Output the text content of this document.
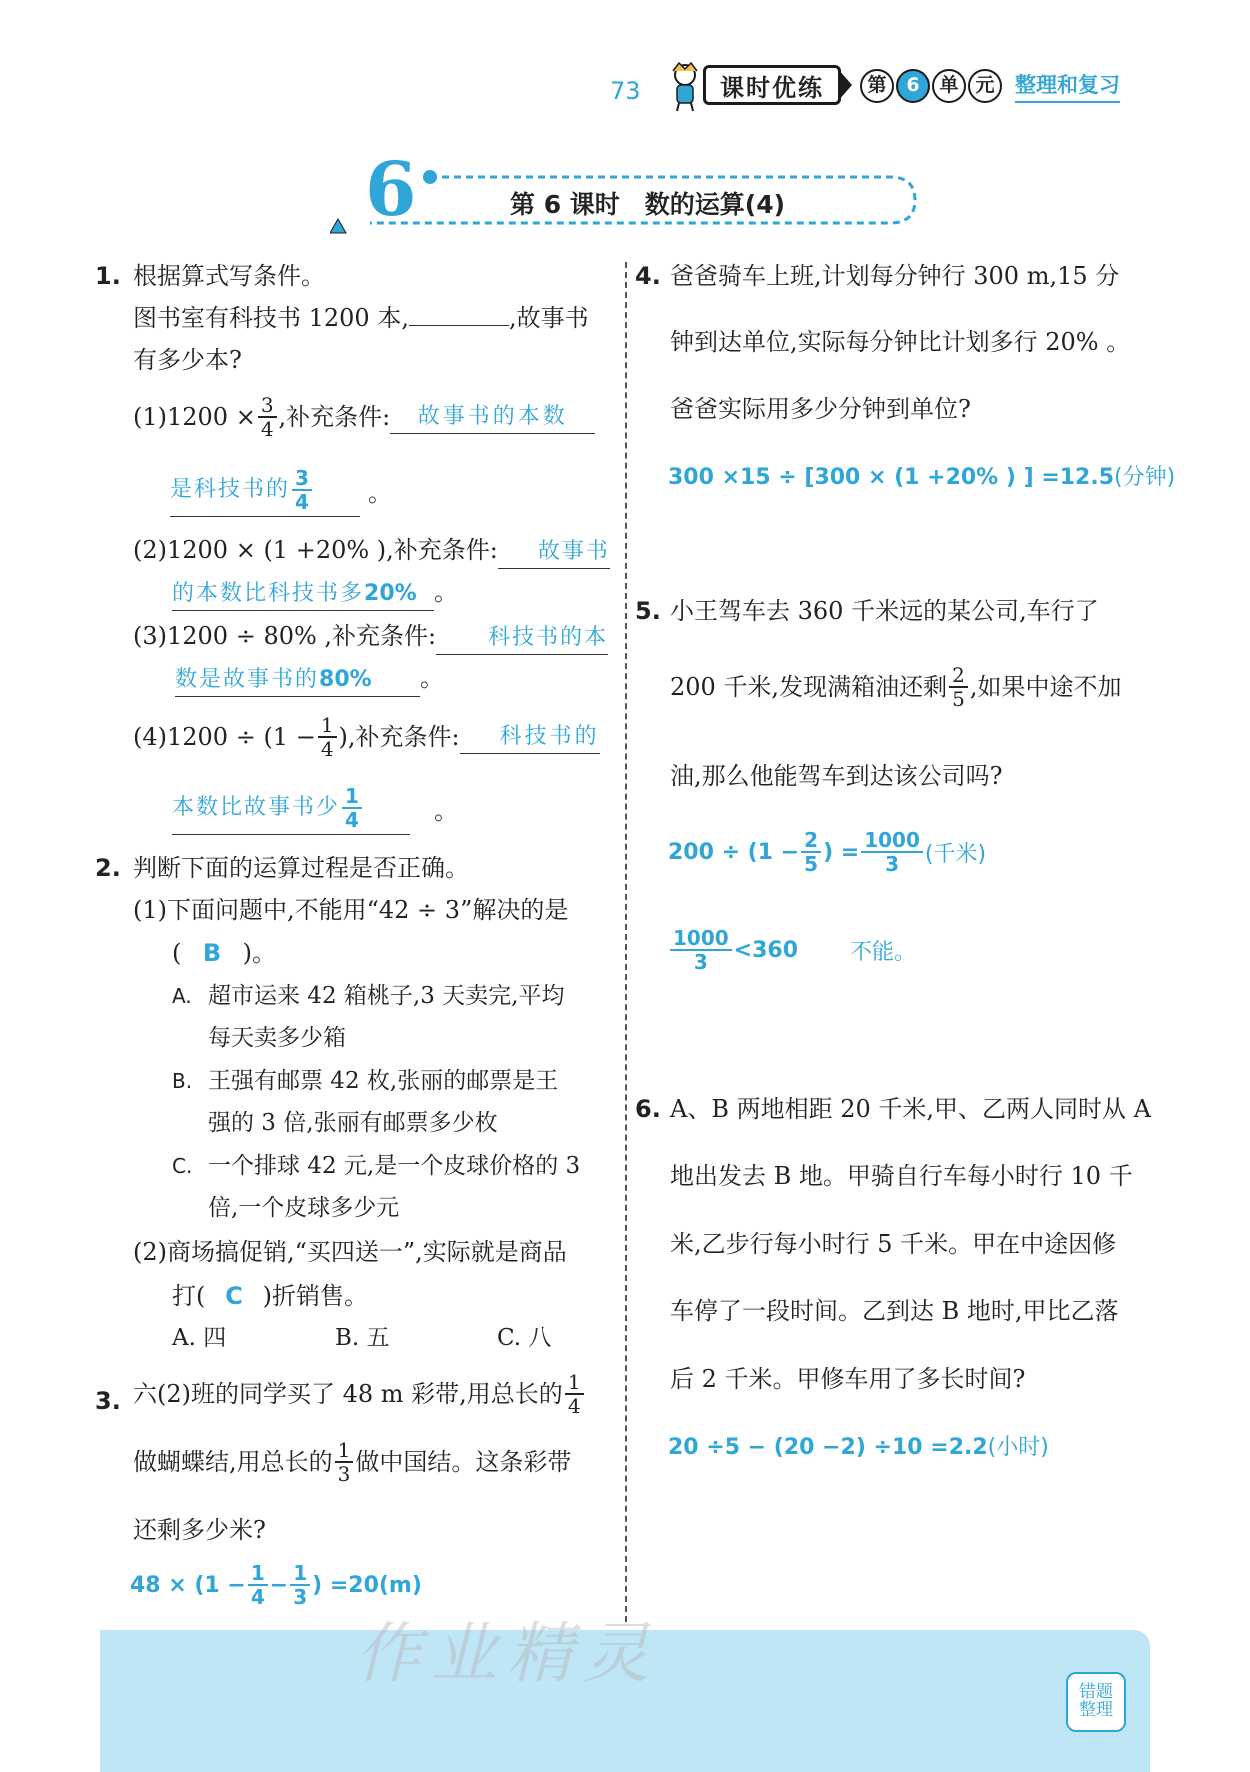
73	课时优练	第	6	单 元 整理和复习
6	第 6 课时　数的运算(4)
1. 根据算式写条件。
图书室有科技书 1200 本,	,故事书
有多少本?
$(1)1200 \times \frac{3}{4}$ ,补充条件:	故事书的本数
是科技书的 $\frac{3}{4}$ 。
(2)1200 × (1 +20% ),补充条件: 故事书
的本数比科技书多20% 。
(3)1200 ÷ 80% ,补充条件: 科技书的本
数是故事书的80% 。
$(4)1200 \div (1 - \frac{1}{4}$ ),补充条件:	科技书的
本数比故事书少 $\frac{1}{4}$	。
2. 判断下面的运算过程是否正确。
(1)下面问题中,不能用“42 ÷ 3”解决的是
( B )。
A. 超市运来 42 箱桃子,3 天卖完,平均
每天卖多少箱
B. 王强有邮票 42 枚,张丽的邮票是王
强的 3 倍,张丽有邮票多少枚
C. 一个排球 42 元,是一个皮球价格的 3
倍,一个皮球多少元
(2)商场搞促销,“买四送一”,实际就是商品
打( C )折销售。
A. 四	B. 五	C. 八
3. 六(2)班的同学买了 48 m 彩带,用总长的 $\frac{1}{4}$
做蝴蝶结,用总长的 $\frac{1}{3}$ 做中国结。这条彩带
还剩多少米?
$48 \times (1 - \frac{1}{4} - \frac{1}{3}$ ) =20(m)
4. 爸爸骑车上班,计划每分钟行 300 m,15 分
钟到达单位,实际每分钟比计划多行 20% 。
爸爸实际用多少分钟到单位?
300 ×15 ÷ [300 × (1 +20% ) ] =12.5(分钟)
5. 小王驾车去 360 千米远的某公司,车行了
200 千米,发现满箱油还剩 $\frac{2}{5}$ ,如果中途不加
油,那么他能驾车到达该公司吗?
$200 \div (1 - \frac{2}{5}$ ) = $\frac{1000}{3}$ (千米)
$\frac{1000}{3} <360$ 不能。
6. A、B 两地相距 20 千米,甲、乙两人同时从 A
地出发去 B 地。甲骑自行车每小时行 10 千
米,乙步行每小时行 5 千米。甲在中途因修
车停了一段时间。乙到达 B 地时,甲比乙落
后 2 千米。甲修车用了多长时间?
20 ÷5 − (20 −2) ÷10 =2.2(小时)
作业精灵
错题
整理
